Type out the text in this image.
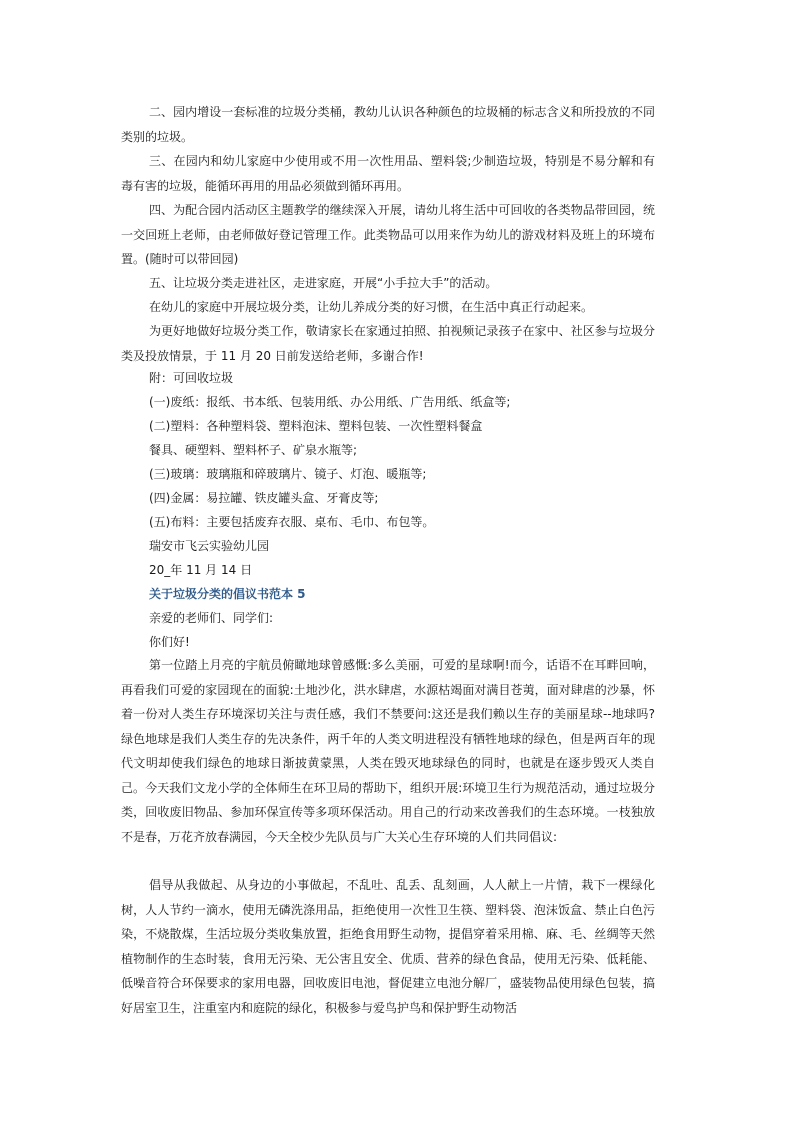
二、园内增设一套标准的垃圾分类桶，教幼儿认识各种颜色的垃圾桶的标志含义和所投放的不同类别的垃圾。

三、在园内和幼儿家庭中少使用或不用一次性用品、塑料袋;少制造垃圾，特别是不易分解和有毒有害的垃圾，能循环再用的用品必须做到循环再用。

四、为配合园内活动区主题教学的继续深入开展，请幼儿将生活中可回收的各类物品带回园，统一交回班上老师，由老师做好登记管理工作。此类物品可以用来作为幼儿的游戏材料及班上的环境布置。(随时可以带回园)

五、让垃圾分类走进社区，走进家庭，开展“小手拉大手”的活动。

在幼儿的家庭中开展垃圾分类，让幼儿养成分类的好习惯，在生活中真正行动起来。

为更好地做好垃圾分类工作，敬请家长在家通过拍照、拍视频记录孩子在家中、社区参与垃圾分类及投放情景，于 11 月 20 日前发送给老师，多谢合作!

附：可回收垃圾

(一)废纸：报纸、书本纸、包装用纸、办公用纸、广告用纸、纸盒等;

(二)塑料：各种塑料袋、塑料泡沫、塑料包装、一次性塑料餐盒

餐具、硬塑料、塑料杯子、矿泉水瓶等;

(三)玻璃：玻璃瓶和碎玻璃片、镜子、灯泡、暖瓶等;

(四)金属：易拉罐、铁皮罐头盒、牙膏皮等;

(五)布料：主要包括废弃衣服、桌布、毛巾、布包等。

瑞安市飞云实验幼儿园

20_年 11 月 14 日

关于垃圾分类的倡议书范本 5

亲爱的老师们、同学们:

你们好!

第一位踏上月亮的宇航员俯瞰地球曾感慨:多么美丽，可爱的星球啊!而今，话语不在耳畔回响，再看我们可爱的家园现在的面貌:土地沙化，洪水肆虐，水源枯竭面对满目苍荑，面对肆虐的沙暴，怀着一份对人类生存环境深切关注与责任感，我们不禁要问:这还是我们赖以生存的美丽星球--地球吗?绿色地球是我们人类生存的先决条件，两千年的人类文明进程没有牺牲地球的绿色，但是两百年的现代文明却使我们绿色的地球日渐披黄蒙黑，人类在毁灭地球绿色的同时，也就是在逐步毁灭人类自己。今天我们文龙小学的全体师生在环卫局的帮助下，组织开展:环境卫生行为规范活动，通过垃圾分类，回收废旧物品、参加环保宣传等多项环保活动。用自己的行动来改善我们的生态环境。一枝独放不是春，万花齐放春满园，今天全校少先队员与广大关心生存环境的人们共同倡议:

倡导从我做起、从身边的小事做起，不乱吐、乱丢、乱刻画，人人献上一片情，栽下一棵绿化树，人人节约一滴水，使用无磷洗涤用品，拒绝使用一次性卫生筷、塑料袋、泡沫饭盒、禁止白色污染，不烧散煤，生活垃圾分类收集放置，拒绝食用野生动物，提倡穿着采用棉、麻、毛、丝绸等天然植物制作的生态时装，食用无污染、无公害且安全、优质、营养的绿色食品，使用无污染、低耗能、低噪音符合环保要求的家用电器，回收废旧电池，督促建立电池分解厂，盛装物品使用绿色包装，搞好居室卫生，注重室内和庭院的绿化，积极参与爱鸟护鸟和保护野生动物活
